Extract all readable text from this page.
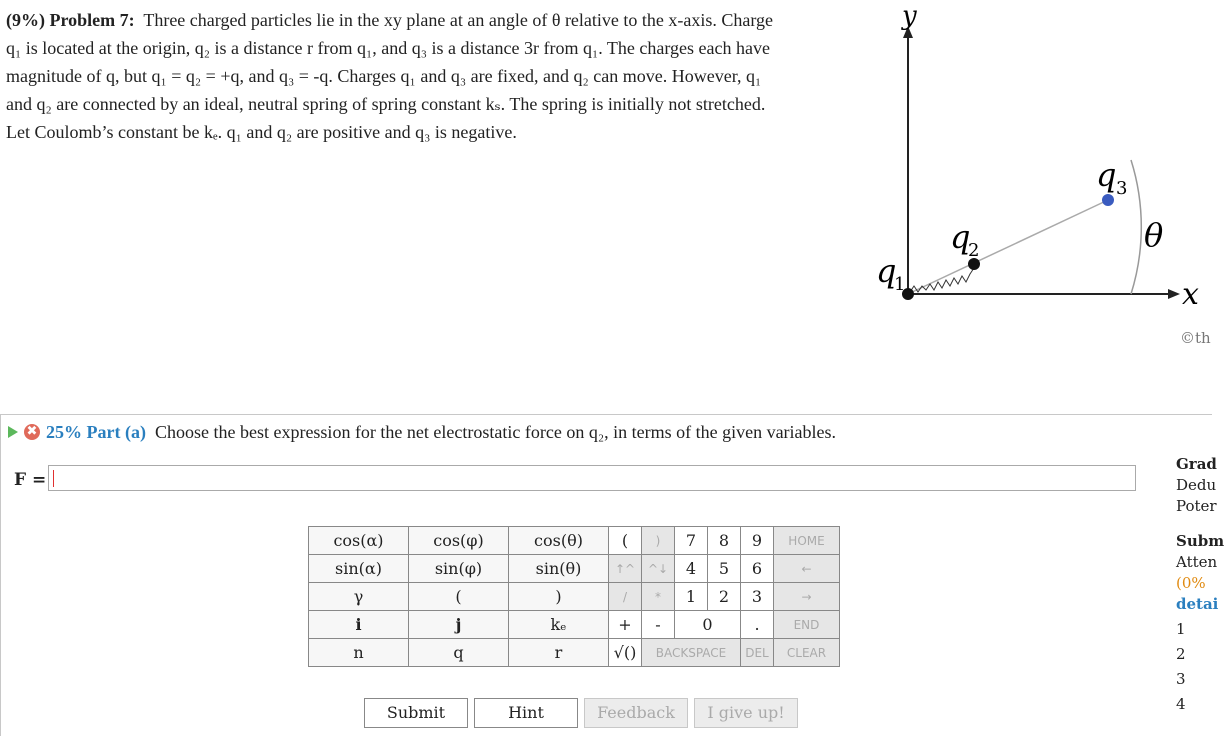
(9%) Problem 7: Three charged particles lie in the xy plane at an angle of θ relative to the x-axis. Charge
q₁ is located at the origin, q₂ is a distance r from q₁, and q₃ is a distance 3r from q₁. The charges each have
magnitude of q, but q₁ = q₂ = +q, and q₃ = -q. Charges q₁ and q₃ are fixed, and q₂ can move. However, q₁
and q₂ are connected by an ideal, neutral spring of spring constant kₛ. The spring is initially not stretched.
Let Coulomb’s constant be kₑ. q₁ and q₂ are positive and q₃ is negative.
y
x
q
1
q
2
q 3
θ
©th
✖ 25% Part (a) Choose the best expression for the net electrostatic force on q₂, in terms of the given variables.
F =
cos(α)	cos(φ)	cos(θ)	(	)	7	8	9	HOME
sin(α)	sin(φ)	sin(θ)	↑^	^↓	4	5	6	←
γ	(	)	/	*	1	2	3	→
i	j	kₑ	+	-	0		.	END
n	q	r	√()	BACKSPACE			DEL	CLEAR
Submit	Hint	Feedback	I give up!
Grad
Dedu
Poter
Subm
Atten
(0%
detai
1
2
3
4
